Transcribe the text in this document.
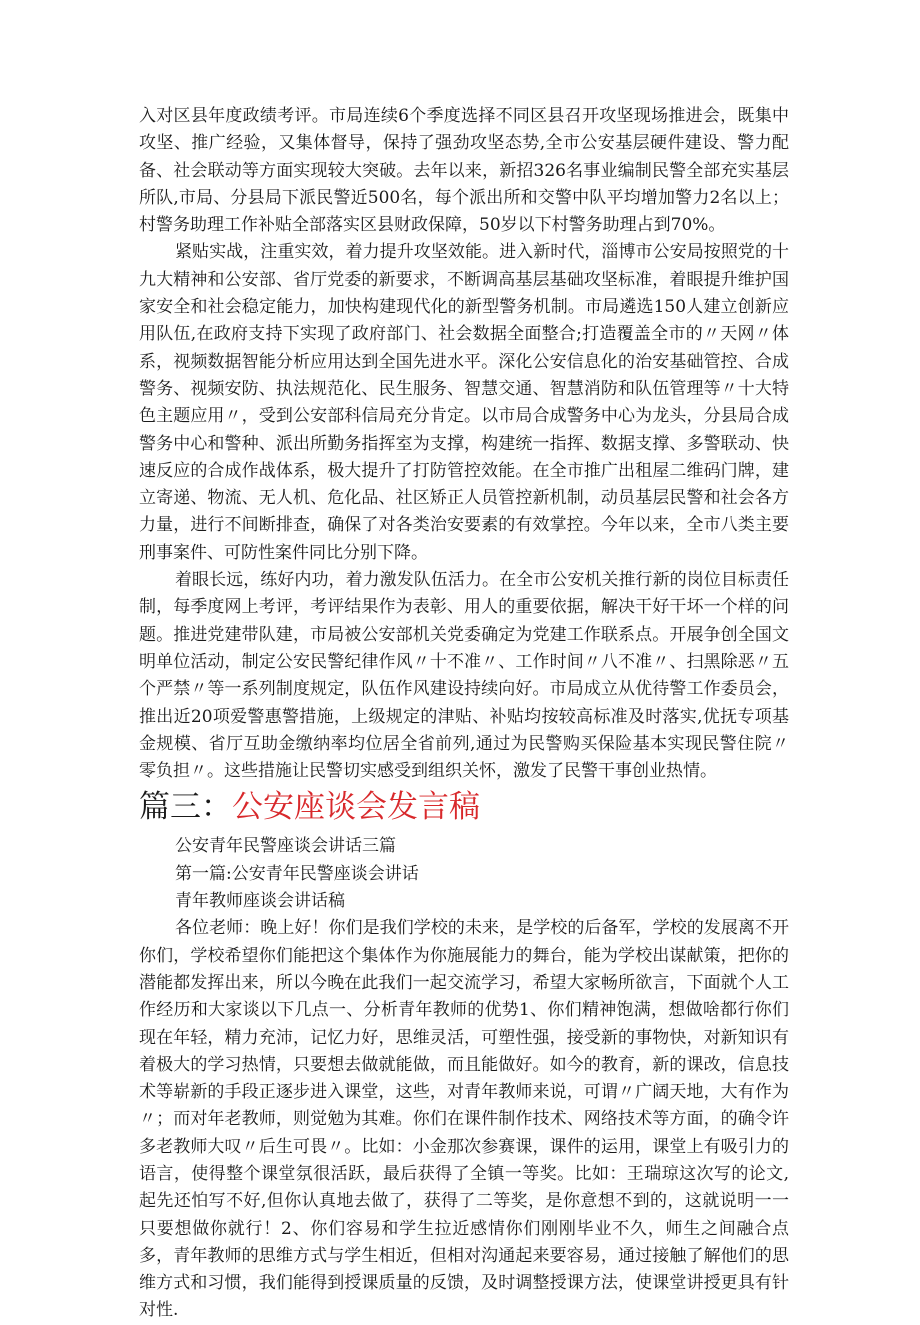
入对区县年度政绩考评。市局连续6个季度选择不同区县召开攻坚现场推进会，既集中攻坚、推广经验，又集体督导，保持了强劲攻坚态势,全市公安基层硬件建设、警力配备、社会联动等方面实现较大突破。去年以来，新招326名事业编制民警全部充实基层所队,市局、分县局下派民警近500名，每个派出所和交警中队平均增加警力2名以上；村警务助理工作补贴全部落实区县财政保障，50岁以下村警务助理占到70%。

紧贴实战，注重实效，着力提升攻坚效能。进入新时代，淄博市公安局按照党的十九大精神和公安部、省厅党委的新要求，不断调高基层基础攻坚标准，着眼提升维护国家安全和社会稳定能力，加快构建现代化的新型警务机制。市局遴选150人建立创新应用队伍,在政府支持下实现了政府部门、社会数据全面整合;打造覆盖全市的〃天网〃体系，视频数据智能分析应用达到全国先进水平。深化公安信息化的治安基础管控、合成警务、视频安防、执法规范化、民生服务、智慧交通、智慧消防和队伍管理等〃十大特色主题应用〃，受到公安部科信局充分肯定。以市局合成警务中心为龙头，分县局合成警务中心和警种、派出所勤务指挥室为支撑，构建统一指挥、数据支撑、多警联动、快速反应的合成作战体系，极大提升了打防管控效能。在全市推广出租屋二维码门牌，建立寄递、物流、无人机、危化品、社区矫正人员管控新机制，动员基层民警和社会各方力量，进行不间断排查，确保了对各类治安要素的有效掌控。今年以来，全市八类主要刑事案件、可防性案件同比分别下降。

着眼长远，练好内功，着力激发队伍活力。在全市公安机关推行新的岗位目标责任制，每季度网上考评，考评结果作为表彰、用人的重要依据，解决干好干坏一个样的问题。推进党建带队建，市局被公安部机关党委确定为党建工作联系点。开展争创全国文明单位活动，制定公安民警纪律作风〃十不准〃、工作时间〃八不准〃、扫黑除恶〃五个严禁〃等一系列制度规定，队伍作风建设持续向好。市局成立从优待警工作委员会，推出近20项爱警惠警措施，上级规定的津贴、补贴均按较高标准及时落实,优抚专项基金规模、省厅互助金缴纳率均位居全省前列,通过为民警购买保险基本实现民警住院〃零负担〃。这些措施让民警切实感受到组织关怀，激发了民警干事创业热情。

篇三：公安座谈会发言稿

公安青年民警座谈会讲话三篇

第一篇:公安青年民警座谈会讲话

青年教师座谈会讲话稿

各位老师：晚上好！你们是我们学校的未来，是学校的后备军，学校的发展离不开你们，学校希望你们能把这个集体作为你施展能力的舞台，能为学校出谋献策，把你的潜能都发挥出来，所以今晚在此我们一起交流学习，希望大家畅所欲言，下面就个人工作经历和大家谈以下几点一、分析青年教师的优势1、你们精神饱满，想做啥都行你们现在年轻，精力充沛，记忆力好，思维灵活，可塑性强，接受新的事物快，对新知识有着极大的学习热情，只要想去做就能做，而且能做好。如今的教育，新的课改，信息技术等崭新的手段正逐步进入课堂，这些，对青年教师来说，可谓〃广阔天地，大有作为〃；而对年老教师，则觉勉为其难。你们在课件制作技术、网络技术等方面，的确令许多老教师大叹〃后生可畏〃。比如：小金那次参赛课，课件的运用，课堂上有吸引力的语言，使得整个课堂氛很活跃，最后获得了全镇一等奖。比如：王瑞琼这次写的论文,起先还怕写不好,但你认真地去做了，获得了二等奖，是你意想不到的，这就说明一一只要想做你就行！2、你们容易和学生拉近感情你们刚刚毕业不久，师生之间融合点多，青年教师的思维方式与学生相近，但相对沟通起来要容易，通过接触了解他们的思维方式和习惯，我们能得到授课质量的反馈，及时调整授课方法，使课堂讲授更具有针对性.
